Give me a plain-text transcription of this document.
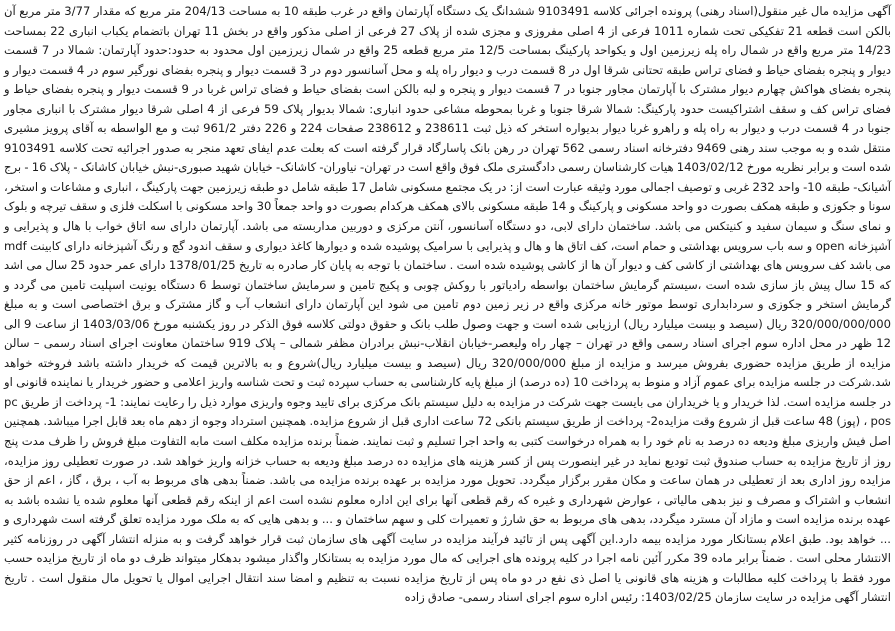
آگهی مزایده مال غیر منقول(اسناد رهنی) پرونده اجرائی کلاسه 9103491 ششدانگ یک دستگاه آپارتمان واقع در غرب طبقه 10 به مساحت 204/13 متر مربع که مقدار 3/77 متر مربع آن بالکن است قطعه 21 تفکیکی تحت شماره 1011 فرعی از 4 اصلی مفروزی و مجزی شده از پلاک 27 فرعی از اصلی مذکور واقع در بخش 11 تهران باتضمام یکباب انباری 22 بمساحت 14/23 متر مربع واقع در شمال راه پله زیرزمین اول و یکواحد پارکینگ بمساحت 12/5 متر مربع قطعه 25 واقع در شمال زیرزمین اول محدود به حدود:حدود آپارتمان: شمالا در 7 قسمت دیوار و پنجره بفضای حیاط و فضای تراس طبقه تحتانی شرقا اول در 8 قسمت درب و دیوار راه پله و محل آسانسور دوم در 3 قسمت دیوار و پنجره بفضای نورگیر سوم در 4 قسمت دیوار و پنجره بفضای هواکش چهارم دیوار مشترک با آپارتمان مجاور جنوبا در 7 قسمت دیوار و پنجره و لبه بالکن است بفضای حیاط و فضای تراس غربا در 9 قسمت دیوار و پنجره بفضای حیاط و فضای تراس کف و سقف اشتراکیست حدود پارکینگ: شمالا شرقا جنوبا و غربا بمحوطه مشاعی حدود انباری: شمالا بدیوار پلاک 59 فرعی از 4 اصلی شرقا دیوار مشترک با انباری مجاور جنوبا در 4 قسمت درب و دیوار به راه پله و راهرو غربا دیوار بدیواره استخر که ذیل ثبت 238611 و 238612 صفحات 224 و 226 دفتر 961/2 ثبت و مع الواسطه به آقای پرویز مشیری منتقل شده و به موجب سند رهنی 9469 دفترخانه اسناد رسمی 562 تهران در رهن بانک پاسارگاد قرار گرفته است که بعلت عدم ایفای تعهد منجر به صدور اجرائیه تحت کلاسه 9103491 شده است و برابر نظریه مورخ 1403/02/12 هیات کارشناسان رسمی دادگستری ملک فوق واقع است در تهران- نیاوران- کاشانک- خیابان شهید صبوری-نبش خیابان کاشانک - پلاک 16 - برج آشیانک- طبقه 10- واحد 232 غربی و توصیف اجمالی مورد وثیقه عبارت است از: در یک مجتمع مسکونی شامل 17 طبقه شامل دو طبقه زیرزمین جهت پارکینگ ، انباری و مشاعات و استخر، سونا و جکوزی و طبقه همکف بصورت دو واحد مسکونی و پارکینگ و 14 طبقه مسکونی بالای همکف هرکدام بصورت دو واحد جمعاً 30 واحد مسکونی با اسکلت فلزی و سقف تیرچه و بلوک و نمای سنگ و سیمان سفید و کنیتکس می باشد. ساختمان دارای لابی، دو دستگاه آسانسور، آنتن مرکزی و دوربین مداربسته می باشد. آپارتمان دارای سه اتاق خواب با هال و پذیرایی و آشپزخانه open و سه باب سرویس بهداشتی و حمام است، کف اتاق ها و هال و پذیرایی با سرامیک پوشیده شده و دیوارها کاغذ دیواری و سقف اندود گچ و رنگ آشپزخانه دارای کابینت mdf می باشد کف سرویس های بهداشتی از کاشی کف و دیوار آن ها از کاشی پوشیده شده است . ساختمان با توجه به پایان کار صادره به تاریخ 1378/01/25 دارای عمر حدود 25 سال می اشد که 15 سال پیش باز سازی شده است ،سیستم گرمایش ساختمان بواسطه رادیاتور با روکش چوبی و پکیج تامین و سرمایش ساختمان توسط 6 دستگاه یونیت اسپلیت تامین می گردد و گرمایش استخر و جکوزی و سردابداری توسط موتور خانه مرکزی واقع در زیر زمین دوم تامین می شود این آپارتمان دارای انشعاب آب و گاز مشترک و برق اختصاصی است و به مبلغ 320/000/000/000 ریال (سیصد و بیست میلیارد ریال) ارزیابی شده است و جهت وصول طلب بانک و حقوق دولتی کلاسه فوق الذکر در روز یکشنبه مورخ 1403/03/06 از ساعت 9 الی 12 ظهر در محل اداره سوم اجرای اسناد رسمی واقع در تهران – چهار راه ولیعصر-خیابان انقلاب-نبش برادران مظفر شمالی – پلاک 919 ساختمان معاونت اجرای اسناد رسمی – سالن مزایده از طریق مزایده حضوری بفروش میرسد و مزایده از مبلغ 320/000/000 ریال (سیصد و بیست میلیارد ریال)شروع و به بالاترین قیمت که خریدار داشته باشد فروخته خواهد شد.شرکت در جلسه مزایده برای عموم آزاد و منوط به پرداخت 10 (ده درصد) از مبلغ پایه کارشناسی به حساب سپرده ثبت و تحت شناسه واریز اعلامی و حضور خریدار یا نماینده قانونی او در جلسه مزایده است. لذا خریدار و یا خریداران می بایست جهت شرکت در مزایده به دلیل سیستم بانک مرکزی برای تایید وجوه واریزی موارد ذیل را رعایت نمایند: 1- پرداخت از طریق pc pos ، (پوز) 48 ساعت قبل از شروع وقت مزایده2- پرداخت از طریق سیستم بانکی 72 ساعت اداری قبل از شروع مزایده. همچنین استرداد وجوه از دهم ماه بعد قابل اجرا میباشد. همچنین اصل فیش واریزی مبلغ ودیعه ده درصد به نام خود را به همراه درخواست کتبی به واحد اجرا تسلیم و ثبت نمایند. ضمناً برنده مزایده مکلف است مابه التفاوت مبلغ فروش را ظرف مدت پنج روز از تاریخ مزایده به حساب صندوق ثبت تودیع نماید در غیر اینصورت پس از کسر هزینه های مزایده ده درصد مبلغ ودیعه به حساب خزانه واریز خواهد شد. در صورت تعطیلی روز مزایده، مزایده روز اداری بعد از تعطیلی در همان ساعت و مکان مقرر برگزار میگردد. تحویل مورد مزایده بر عهده برنده مزایده می باشد. ضمناً بدهی های مربوط به آب ، برق ، گاز ، اعم از حق انشعاب و اشتراک و مصرف و نیز بدهی مالیاتی ، عوارض شهرداری و غیره که رقم قطعی آنها برای این اداره معلوم نشده است اعم از اینکه رقم قطعی آنها معلوم شده یا نشده باشد به عهده برنده مزایده است و مازاد آن مسترد میگردد، بدهی های مربوط به حق شارژ و تعمیرات کلی و سهم ساختمان و ... و بدهی هایی که به ملک مورد مزایده تعلق گرفته است شهرداری و ... خواهد بود. طبق اعلام بستانکار مورد مزایده بیمه دارد.این آگهی پس از تائید فرآیند مزایده در سایت آگهی های سازمان ثبت قرار خواهد گرفت و به منزله انتشار آگهی در روزنامه کثیر الانتشار محلی است . ضمناً برابر ماده 39 مکرر آئین نامه اجرا در کلیه پرونده های اجرایی که مال مورد مزایده به بستانکار واگذار میشود بدهکار میتواند ظرف دو ماه از تاریخ مزایده حسب مورد فقط با پرداخت کلیه مطالبات و هزینه های قانونی یا اصل ذی نفع در دو ماه پس از تاریخ مزایده نسبت به تنظیم و امضا سند انتقال اجرایی اموال یا تحویل مال منقول است . تاریخ انتشار آگهی مزایده در سایت سازمان 1403/02/25: رئیس اداره سوم اجرای اسناد رسمی- صادق زاده
